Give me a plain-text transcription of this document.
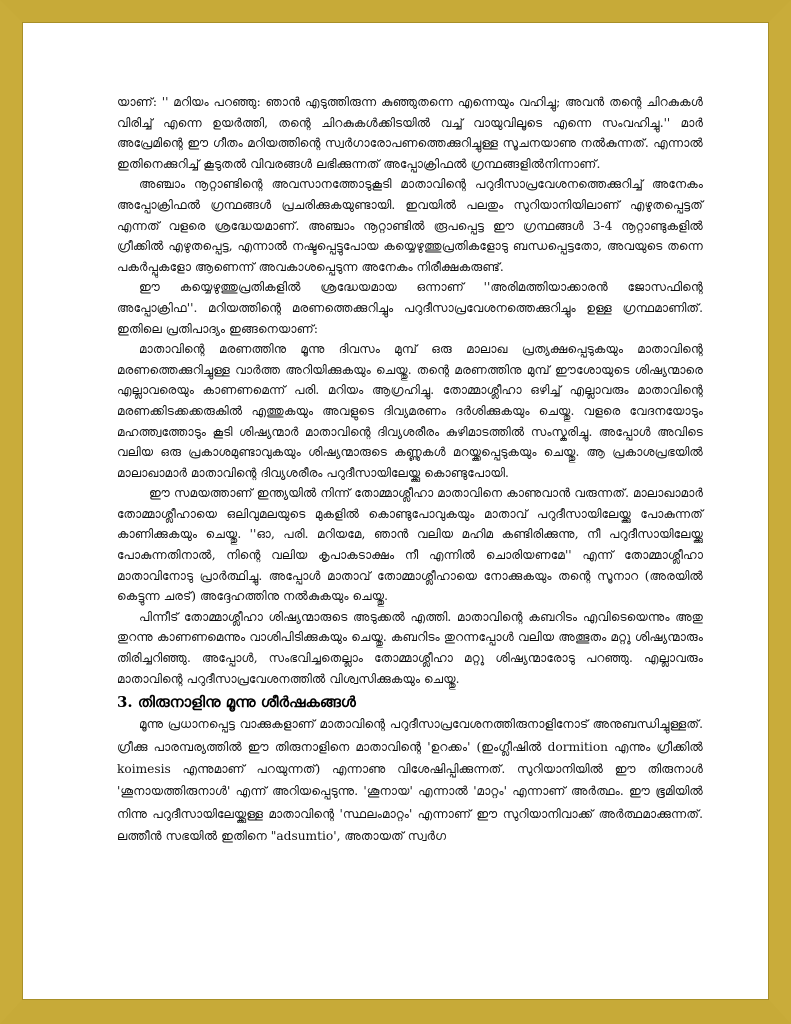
യാണ്: '' മറിയം പറഞ്ഞു: ഞാൻ എടുത്തിരുന്ന കുഞ്ഞുതന്നെ എന്നെയും വഹിച്ചു; അവൻ തന്റെ ചിറകുകൾ വിരിച്ച് എന്നെ ഉയർത്തി, തന്റെ ചിറകുകൾക്കിടയിൽ വച്ച് വായുവിലൂടെ എന്നെ സംവഹിച്ചു.'' മാർ അപ്രേമിന്റെ ഈ ഗീതം മറിയത്തിന്റെ സ്വർഗാരോപണത്തെക്കുറിച്ചുള്ള സൂചനയാണു നൽകുന്നത്. എന്നാൽ ഇതിനെക്കുറിച്ച് കൂടുതൽ വിവരങ്ങൾ ലഭിക്കുന്നത് അപ്പോക്രിഫൽ ഗ്രന്ഥങ്ങളിൽനിന്നാണ്.

അഞ്ചാം നൂറ്റാണ്ടിന്റെ അവസാനത്തോടുകൂടി മാതാവിന്റെ പറുദീസാപ്രവേശനത്തെക്കുറിച്ച് അനേകം അപ്പോക്രിഫൽ ഗ്രന്ഥങ്ങൾ പ്രചരിക്കുകയുണ്ടായി. ഇവയിൽ പലതും സുറിയാനിയിലാണ് എഴുതപ്പെട്ടത് എന്നത് വളരെ ശ്രദ്ധേയമാണ്. അഞ്ചാം നൂറ്റാണ്ടിൽ രൂപപ്പെട്ട ഈ ഗ്രന്ഥങ്ങൾ 3-4 നൂറ്റാണ്ടുകളിൽ ഗ്രീക്കിൽ എഴുതപ്പെട്ട, എന്നാൽ നഷ്ടപ്പെട്ടുപോയ കയ്യെഴുത്തുപ്രതികളോടു ബന്ധപ്പെട്ടതോ, അവയുടെ തന്നെ പകർപ്പുകളോ ആണെന്ന് അവകാശപ്പെടുന്ന അനേകം നിരീക്ഷകരുണ്ട്.

ഈ കയ്യെഴുത്തുപ്രതികളിൽ ശ്രദ്ധേയമായ ഒന്നാണ് ''അരിമത്തിയാക്കാരൻ ജോസഫിന്റെ അപ്പോക്രിഫ''. മറിയത്തിന്റെ മരണത്തെക്കുറിച്ചും പറുദീസാപ്രവേശനത്തെക്കുറിച്ചും ഉള്ള ഗ്രന്ഥമാണിത്. ഇതിലെ പ്രതിപാദ്യം ഇങ്ങനെയാണ്:

മാതാവിന്റെ മരണത്തിനു മൂന്നു ദിവസം മുമ്പ് ഒരു മാലാഖ പ്രത്യക്ഷപ്പെടുകയും മാതാവിന്റെ മരണത്തെക്കുറിച്ചുള്ള വാർത്ത അറിയിക്കുകയും ചെയ്തു. തന്റെ മരണത്തിനു മുമ്പ് ഈശോയുടെ ശിഷ്യന്മാരെ എല്ലാവരെയും കാണണമെന്ന് പരി. മറിയം ആഗ്രഹിച്ചു. തോമ്മാശ്ലീഹാ ഒഴിച്ച് എല്ലാവരും മാതാവിന്റെ മരണക്കിടക്കക്കരുകിൽ എത്തുകയും അവളുടെ ദിവ്യമരണം ദർശിക്കുകയും ചെയ്തു. വളരെ വേദനയോടും മഹത്ത്വത്തോടും കൂടി ശിഷ്യന്മാർ മാതാവിന്റെ ദിവ്യശരീരം കുഴിമാടത്തിൽ സംസ്കരിച്ചു. അപ്പോൾ അവിടെ വലിയ ഒരു പ്രകാശമുണ്ടാവുകയും ശിഷ്യന്മാരുടെ കണ്ണുകൾ മറയ്ക്കപ്പെടുകയും ചെയ്തു. ആ പ്രകാശപ്രഭയിൽ മാലാഖാമാർ മാതാവിന്റെ ദിവ്യശരീരം പറുദീസായിലേയ്ക്കു കൊണ്ടുപോയി.

ഈ സമയത്താണ് ഇന്ത്യയിൽ നിന്ന് തോമ്മാശ്ലീഹാ മാതാവിനെ കാണുവാൻ വരുന്നത്. മാലാഖാമാർ തോമ്മാശ്ലീഹായെ ഒലിവുമലയുടെ മുകളിൽ കൊണ്ടുപോവുകയും മാതാവ് പറുദീസായിലേയ്ക്കു പോകുന്നത് കാണിക്കുകയും ചെയ്തു. ''ഓ, പരി. മറിയമേ, ഞാൻ വലിയ മഹിമ കണ്ടിരിക്കുന്നു, നീ പറുദീസായിലേയ്ക്കു പോകുന്നതിനാൽ, നിന്റെ വലിയ കൃപാകടാക്ഷം നീ എന്നിൽ ചൊരിയണമേ'' എന്ന് തോമ്മാശ്ലീഹാ മാതാവിനോടു പ്രാർത്ഥിച്ചു. അപ്പോൾ മാതാവ് തോമ്മാശ്ലീഹായെ നോക്കുകയും തന്റെ സൂനാറ (അരയിൽ കെട്ടുന്ന ചരട്) അദ്ദേഹത്തിനു നൽകുകയും ചെയ്തു.

പിന്നീട് തോമ്മാശ്ലീഹാ ശിഷ്യന്മാരുടെ അടുക്കൽ എത്തി. മാതാവിന്റെ കബറിടം എവിടെയെന്നും അതു തുറന്നു കാണണമെന്നും വാശിപിടിക്കുകയും ചെയ്തു. കബറിടം തുറന്നപ്പോൾ വലിയ അത്ഭുതം മറ്റു ശിഷ്യന്മാരും തിരിച്ചറിഞ്ഞു. അപ്പോൾ, സംഭവിച്ചതെല്ലാം തോമ്മാശ്ലീഹാ മറ്റു ശിഷ്യന്മാരോടു പറഞ്ഞു. എല്ലാവരും മാതാവിന്റെ പറുദീസാപ്രവേശനത്തിൽ വിശ്വസിക്കുകയും ചെയ്തു.

3. തിരുനാളിനു മൂന്നു ശീർഷകങ്ങൾ

മൂന്നു പ്രധാനപ്പെട്ട വാക്കുകളാണ് മാതാവിന്റെ പറുദീസാപ്രവേശനത്തിരുനാളിനോട് അനുബന്ധിച്ചുള്ളത്. ഗ്രീക്കു പാരമ്പര്യത്തിൽ ഈ തിരുനാളിനെ മാതാവിന്റെ 'ഉറക്കം' (ഇംഗ്ലീഷിൽ dormition എന്നും ഗ്രീക്കിൽ koimesis എന്നുമാണ് പറയുന്നത്) എന്നാണു വിശേഷിപ്പിക്കുന്നത്. സുറിയാനിയിൽ ഈ തിരുനാൾ 'ശൂനായത്തിരുനാൾ' എന്ന് അറിയപ്പെടുന്നു. 'ശൂനായ' എന്നാൽ 'മാറ്റം' എന്നാണ് അർത്ഥം. ഈ ഭൂമിയിൽ നിന്നു പറുദീസായിലേയ്ക്കുള്ള മാതാവിന്റെ 'സ്ഥലംമാറ്റം' എന്നാണ് ഈ സുറിയാനിവാക്ക് അർത്ഥമാക്കുന്നത്. ലത്തീൻ സഭയിൽ ഇതിനെ "adsumtio', അതായത് സ്വർഗ
